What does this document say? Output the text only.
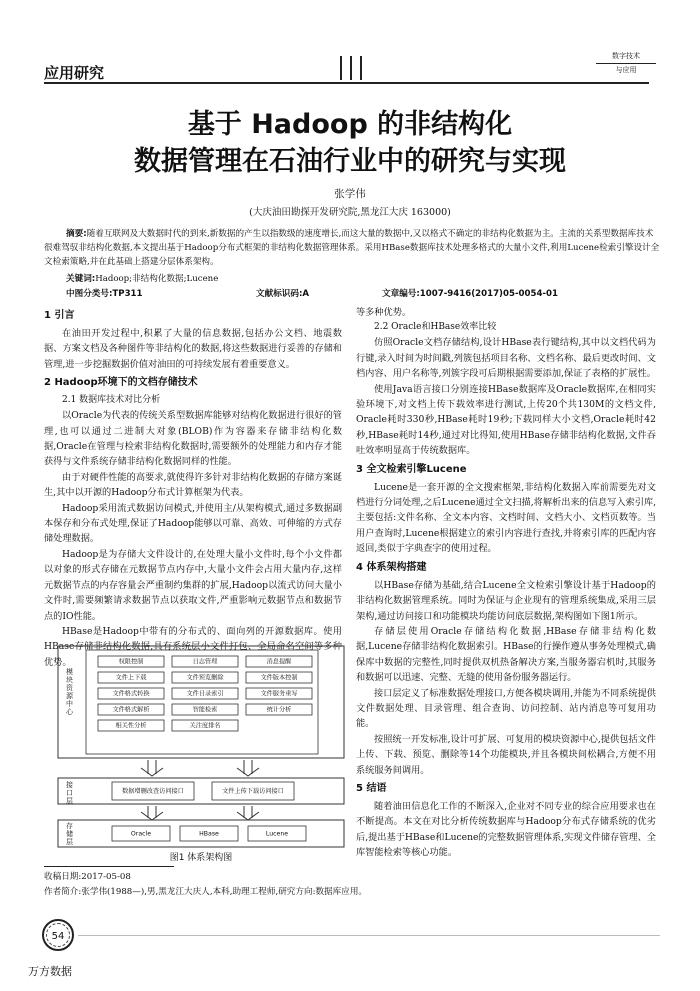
应用研究
数字技术
与应用
基于 Hadoop 的非结构化
数据管理在石油行业中的研究与实现
张学伟
(大庆油田勘探开发研究院,黑龙江大庆 163000)
摘要:随着互联网及大数据时代的到来,新数据的产生以指数级的速度增长,而这大量的数据中,又以格式不确定的非结构化数据为主。主流的关系型数据库技术很难驾驭非结构化数据,本文提出基于Hadoop分布式框架的非结构化数据管理体系。采用HBase数据库技术处理多格式的大量小文件,利用Lucene检索引擎设计全文检索策略,并在此基础上搭建分层体系架构。
关键词:Hadoop;非结构化数据;Lucene
中图分类号:TP311	文献标识码:A	文章编号:1007-9416(2017)05-0054-01
1 引言

在油田开发过程中,积累了大量的信息数据,包括办公文档、地震数据、方案文档及各种图件等非结构化的数据,将这些数据进行妥善的存储和管理,进一步挖掘数据价值对油田的可持续发展有着重要意义。

2 Hadoop环境下的文档存储技术
2.1 数据库技术对比分析

以Oracle为代表的传统关系型数据库能够对结构化数据进行很好的管理,也可以通过二进制大对象(BLOB)作为容器来存储非结构化数据,Oracle在管理与检索非结构化数据时,需要额外的处理能力和内存才能获得与文件系统存储非结构化数据同样的性能。

由于对硬件性能的高要求,就使得许多针对非结构化数据的存储方案诞生,其中以开源的Hadoop分布式计算框架为代表。

Hadoop采用流式数据访问模式,并使用主/从架构模式,通过多数据副本保存和分布式处理,保证了Hadoop能够以可靠、高效、可伸缩的方式存储处理数据。

Hadoop是为存储大文件设计的,在处理大量小文件时,每个小文件都以对象的形式存储在元数据节点内存中,大量小文件会占用大量内存,这样元数据节点的内存容量会严重制约集群的扩展,Hadoop以流式访问大量小文件时,需要频繁请求数据节点以获取文件,严重影响元数据节点和数据节点的IO性能。

HBase是Hadoop中带有的分布式的、面向列的开源数据库。使用HBase存储非结构化数据,具有系统层小文件打包、全局命名空间等多种优势。

模块资源中心
权限控制	日志管理	消息提醒
文件上下载	文件预览删除	文件版本控制
文件格式转换	文件目录索引	文件服务重写
文件格式解析	智能检索	统计分析
相关性分析	关注度排名
接口层
数据增删改查访问接口	文件上传下载访问接口
存储层
Oracle	HBase	Lucene
图1 体系架构图

等多种优势。

2.2 Oracle和HBase效率比较

仿照Oracle文档存储结构,设计HBase表行键结构,其中以文档代码为行键,录入时间为时间戳,列簇包括项目名称、文档名称、最后更改时间、文档内容、用户名称等,列簇字段可后期根据需要添加,保证了表格的扩展性。

使用Java语言接口分别连接HBase数据库及Oracle数据库,在相同实验环境下,对文档上传下载效率进行测试,上传20个共130M的文档文件, Oracle耗时330秒,HBase耗时19秒;下载同样大小文档,Oracle耗时42秒,HBase耗时14秒,通过对比得知,使用HBase存储非结构化数据,文件吞吐效率明显高于传统数据库。

3 全文检索引擎Lucene

Lucene是一套开源的全文搜索框架,非结构化数据入库前需要先对文档进行分词处理,之后Lucene通过全文扫描,将解析出来的信息写入索引库,主要包括:文件名称、全文本内容、文档时间、文档大小、文档页数等。当用户查询时,Lucene根据建立的索引内容进行查找,并将索引库的匹配内容返回,类似于字典查字的使用过程。

4 体系架构搭建

以HBase存储为基础,结合Lucene全文检索引擎设计基于Hadoop的非结构化数据管理系统。同时为保证与企业现有的管理系统集成,采用三层架构,通过访问接口和功能模块均能访问底层数据,架构图如下图1所示。

存储层使用Oracle存储结构化数据,HBase存储非结构化数据,Lucene存储非结构化数据索引。HBase的行操作遵从事务处理模式,确保库中数据的完整性,同时提供双机热备解决方案,当服务器宕机时,其服务和数据可以迅速、完整、无缝的使用备份服务器运行。

接口层定义了标准数据处理接口,方便各模块调用,并能为不同系统提供文件数据处理、目录管理、组合查询、访问控制、站内消息等可复用功能。

按照统一开发标准,设计可扩展、可复用的模块资源中心,提供包括文件上传、下载、预览、删除等14个功能模块,并且各模块间松耦合,方便不用系统服务间调用。

5 结语

随着油田信息化工作的不断深入,企业对不同专业的综合应用要求也在不断提高。本文在对比分析传统数据库与Hadoop分布式存储系统的优劣后,提出基于HBase和Lucene的完整数据管理体系,实现文件储存管理、全库智能检索等核心功能。

收稿日期:2017-05-08
作者简介:张学伟(1988—),男,黑龙江大庆人,本科,助理工程师,研究方向:数据库应用。
54
万方数据
